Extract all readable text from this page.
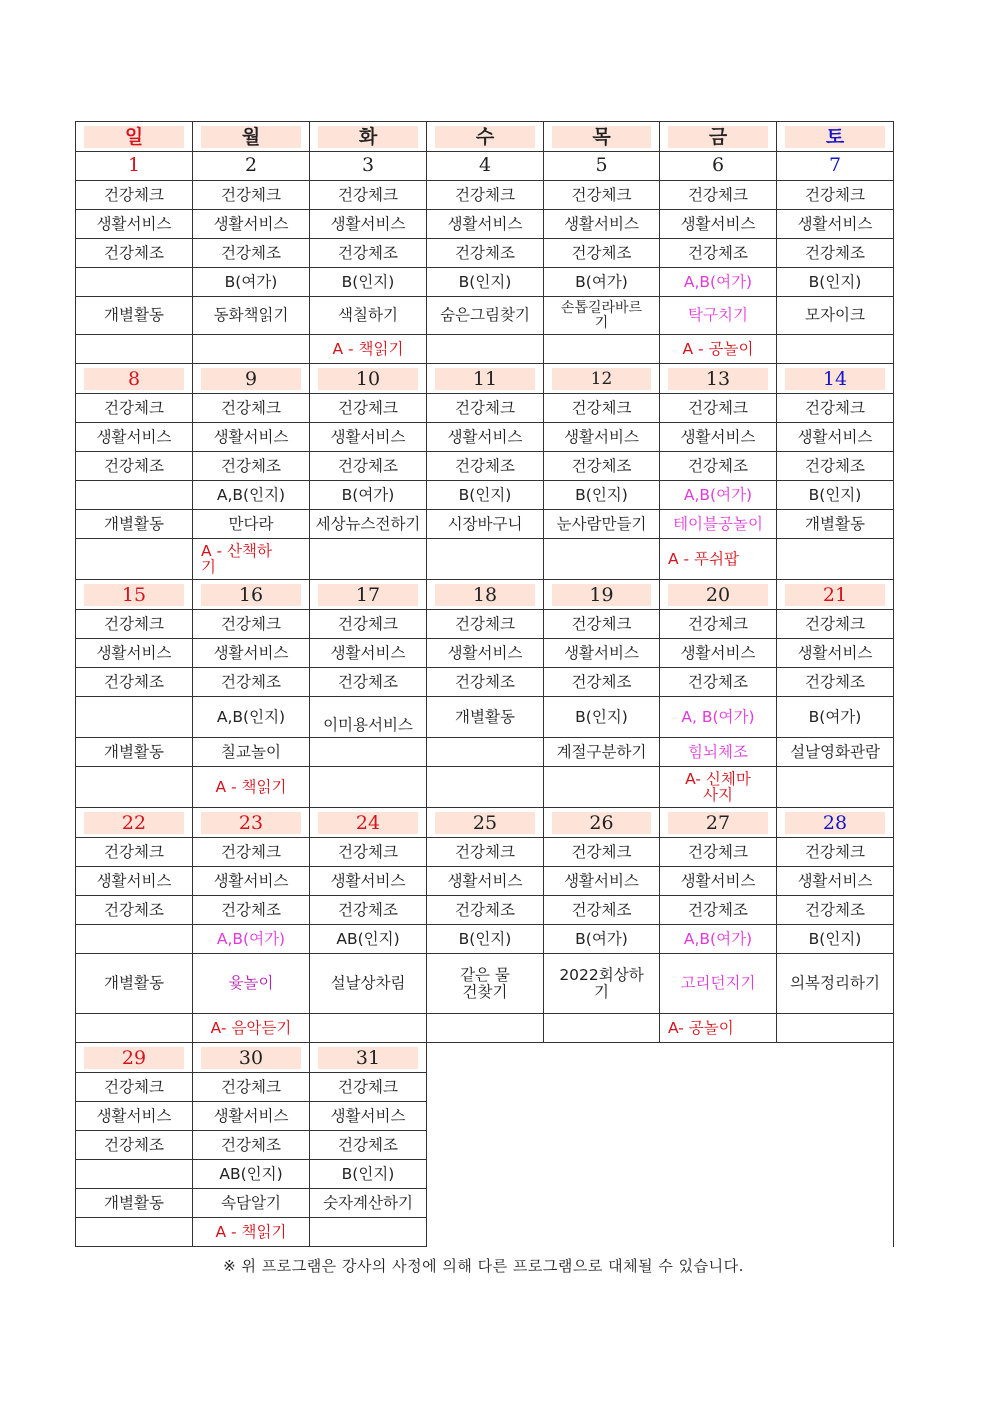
일	월	화	수	목	금	토

1	2	3	4	5	6	7
건강체크	건강체크	건강체크	건강체크	건강체크	건강체크	건강체크
생활서비스	생활서비스	생활서비스	생활서비스	생활서비스	생활서비스	생활서비스
건강체조	건강체조	건강체조	건강체조	건강체조	건강체조	건강체조
	B(여가)	B(인지)	B(인지)	B(여가)	A,B(여가)	B(인지)
개별활동	동화책읽기	색칠하기	숨은그림찾기	손톱길라바르기	탁구치기	모자이크
		A - 책읽기			A - 공놀이	

8	9	10	11	12	13	14

건강체크	건강체크	건강체크	건강체크	건강체크	건강체크	건강체크
생활서비스	생활서비스	생활서비스	생활서비스	생활서비스	생활서비스	생활서비스
건강체조	건강체조	건강체조	건강체조	건강체조	건강체조	건강체조
	A,B(인지)	B(여가)	B(인지)	B(인지)	A,B(여가)	B(인지)
개별활동	만다라	세상뉴스전하기	시장바구니	눈사람만들기	테이블공놀이	개별활동
	A - 산책하기				A - 푸쉬팝	

15	16	17	18	19	20	21

건강체크	건강체크	건강체크	건강체크	건강체크	건강체크	건강체크
생활서비스	생활서비스	생활서비스	생활서비스	생활서비스	생활서비스	생활서비스
건강체조	건강체조	건강체조	건강체조	건강체조	건강체조	건강체조
	A,B(인지)	이미용서비스	개별활동	B(인지)	A, B(여가)	B(여가)
개별활동	칠교놀이			계절구분하기	힘뇌체조	설날영화관람
	A - 책읽기				A- 신체마사지	

22	23	24	25	26	27	28

건강체크	건강체크	건강체크	건강체크	건강체크	건강체크	건강체크
생활서비스	생활서비스	생활서비스	생활서비스	생활서비스	생활서비스	생활서비스
건강체조	건강체조	건강체조	건강체조	건강체조	건강체조	건강체조
	A,B(여가)	AB(인지)	B(인지)	B(여가)	A,B(여가)	B(인지)
개별활동	윷놀이	설날상차림	같은 물건찾기	2022회상하기	고리던지기	의복정리하기
	A- 음악듣기				A- 공놀이	

29	30	31				

건강체크	건강체크	건강체크				
생활서비스	생활서비스	생활서비스				
건강체조	건강체조	건강체조				
	AB(인지)	B(인지)				
개별활동	속담알기	숫자계산하기				
	A - 책읽기					
※ 위 프로그램은 강사의 사정에 의해 다른 프로그램으로 대체될 수 있습니다.
